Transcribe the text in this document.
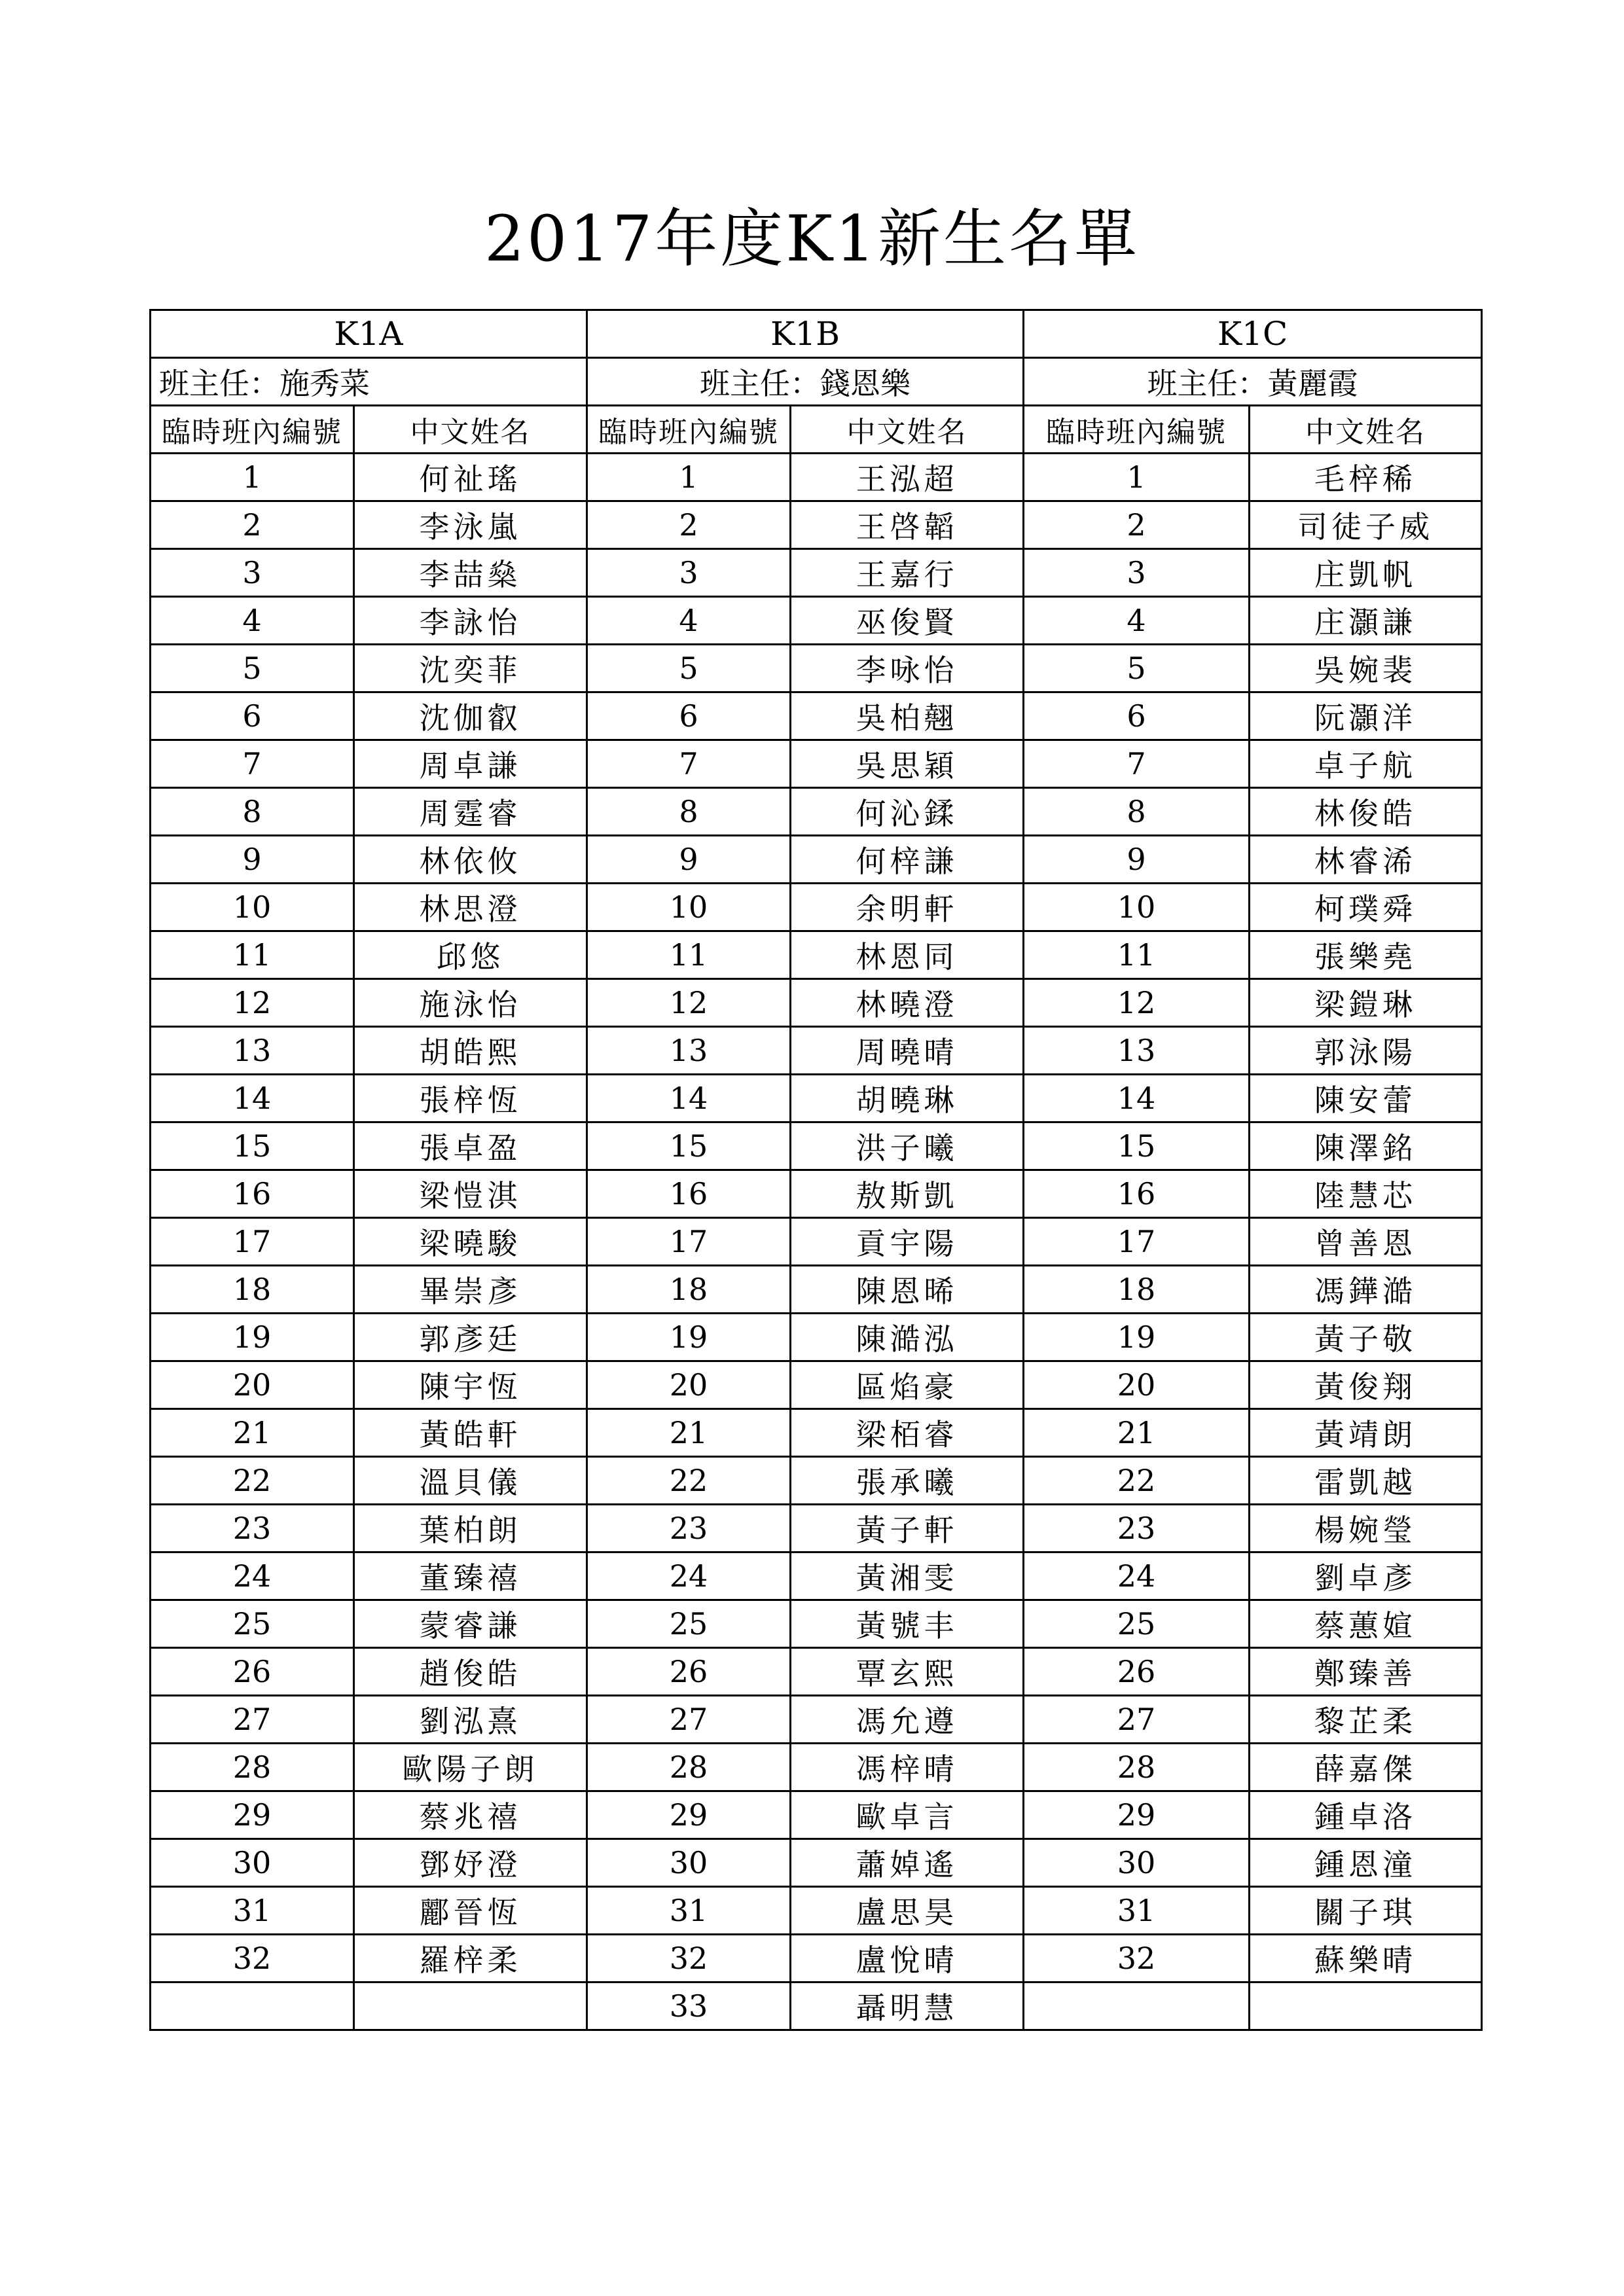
2017年度K1新生名單
K1A		K1B		K1C	
班主任：施秀菜		班主任：錢恩樂		班主任：黃麗霞	
臨時班內編號	中文姓名	臨時班內編號	中文姓名	臨時班內編號	中文姓名
1	何祉瑤	1	王泓超	1	毛梓稀
2	李泳嵐	2	王啓韜	2	司徒子威
3	李喆燊	3	王嘉行	3	庄凱帆
4	李詠怡	4	巫俊賢	4	庄灝謙
5	沈奕菲	5	李咏怡	5	吳婉裴
6	沈伽叡	6	吳柏翹	6	阮灝洋
7	周卓謙	7	吳思穎	7	卓子航
8	周霆睿	8	何沁鍒	8	林俊皓
9	林依攸	9	何梓謙	9	林睿浠
10	林思澄	10	余明軒	10	柯璞舜
11	邱悠	11	林恩同	11	張樂堯
12	施泳怡	12	林曉澄	12	梁鎧琳
13	胡皓熙	13	周曉晴	13	郭泳陽
14	張梓恆	14	胡曉琳	14	陳安蕾
15	張卓盈	15	洪子曦	15	陳澤銘
16	梁愷淇	16	敖斯凱	16	陸慧芯
17	梁曉駿	17	貢宇陽	17	曾善恩
18	畢崇彥	18	陳恩晞	18	馮鏵澔
19	郭彥廷	19	陳澔泓	19	黃子敬
20	陳宇恆	20	區焰豪	20	黃俊翔
21	黃皓軒	21	梁栢睿	21	黃靖朗
22	溫貝儀	22	張承曦	22	雷凱越
23	葉柏朗	23	黃子軒	23	楊婉瑩
24	董臻禧	24	黃湘雯	24	劉卓彥
25	蒙睿謙	25	黃號丰	25	蔡蕙媗
26	趙俊皓	26	覃玄熙	26	鄭臻善
27	劉泓熹	27	馮允遵	27	黎芷柔
28	歐陽子朗	28	馮梓晴	28	薛嘉傑
29	蔡兆禧	29	歐卓言	29	鍾卓洛
30	鄧妤澄	30	蕭婥遙	30	鍾恩潼
31	酈晉恆	31	盧思昊	31	關子琪
32	羅梓柔	32	盧悅晴	32	蘇樂晴
		33	聶明慧		
